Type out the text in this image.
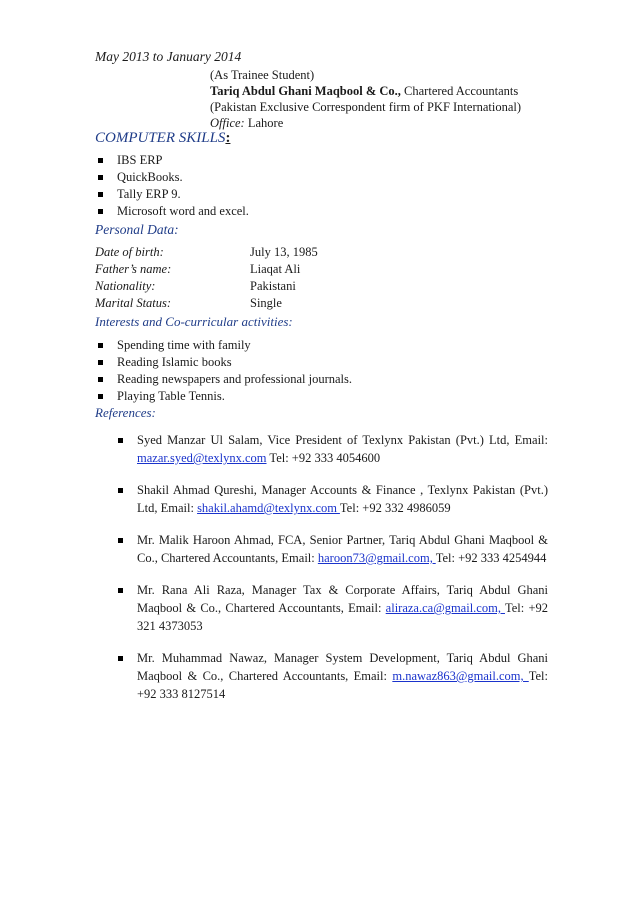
May 2013 to January 2014
(As Trainee Student)
Tariq Abdul Ghani Maqbool & Co., Chartered Accountants
(Pakistan Exclusive Correspondent firm of PKF International)
Office: Lahore
COMPUTER SKILLS:
IBS ERP
QuickBooks.
Tally ERP 9.
Microsoft word and excel.
Personal Data:
Date of birth:	July 13, 1985
Father’s name:	Liaqat Ali
Nationality:	Pakistani
Marital Status:	Single
Interests and Co-curricular activities:
Spending time with family
Reading Islamic books
Reading newspapers and professional journals.
Playing Table Tennis.
References:
Syed Manzar Ul Salam, Vice President of Texlynx Pakistan (Pvt.) Ltd, Email: mazar.syed@texlynx.com Tel: +92 333 4054600
Shakil Ahmad Qureshi, Manager Accounts & Finance , Texlynx Pakistan (Pvt.) Ltd, Email: shakil.ahamd@texlynx.com Tel: +92 332 4986059
Mr. Malik Haroon Ahmad, FCA, Senior Partner, Tariq Abdul Ghani Maqbool & Co., Chartered Accountants, Email: haroon73@gmail.com, Tel: +92 333 4254944
Mr. Rana Ali Raza, Manager Tax & Corporate Affairs, Tariq Abdul Ghani Maqbool & Co., Chartered Accountants, Email: aliraza.ca@gmail.com, Tel: +92 321 4373053
Mr. Muhammad Nawaz, Manager System Development, Tariq Abdul Ghani Maqbool & Co., Chartered Accountants, Email: m.nawaz863@gmail.com, Tel: +92 333 8127514
